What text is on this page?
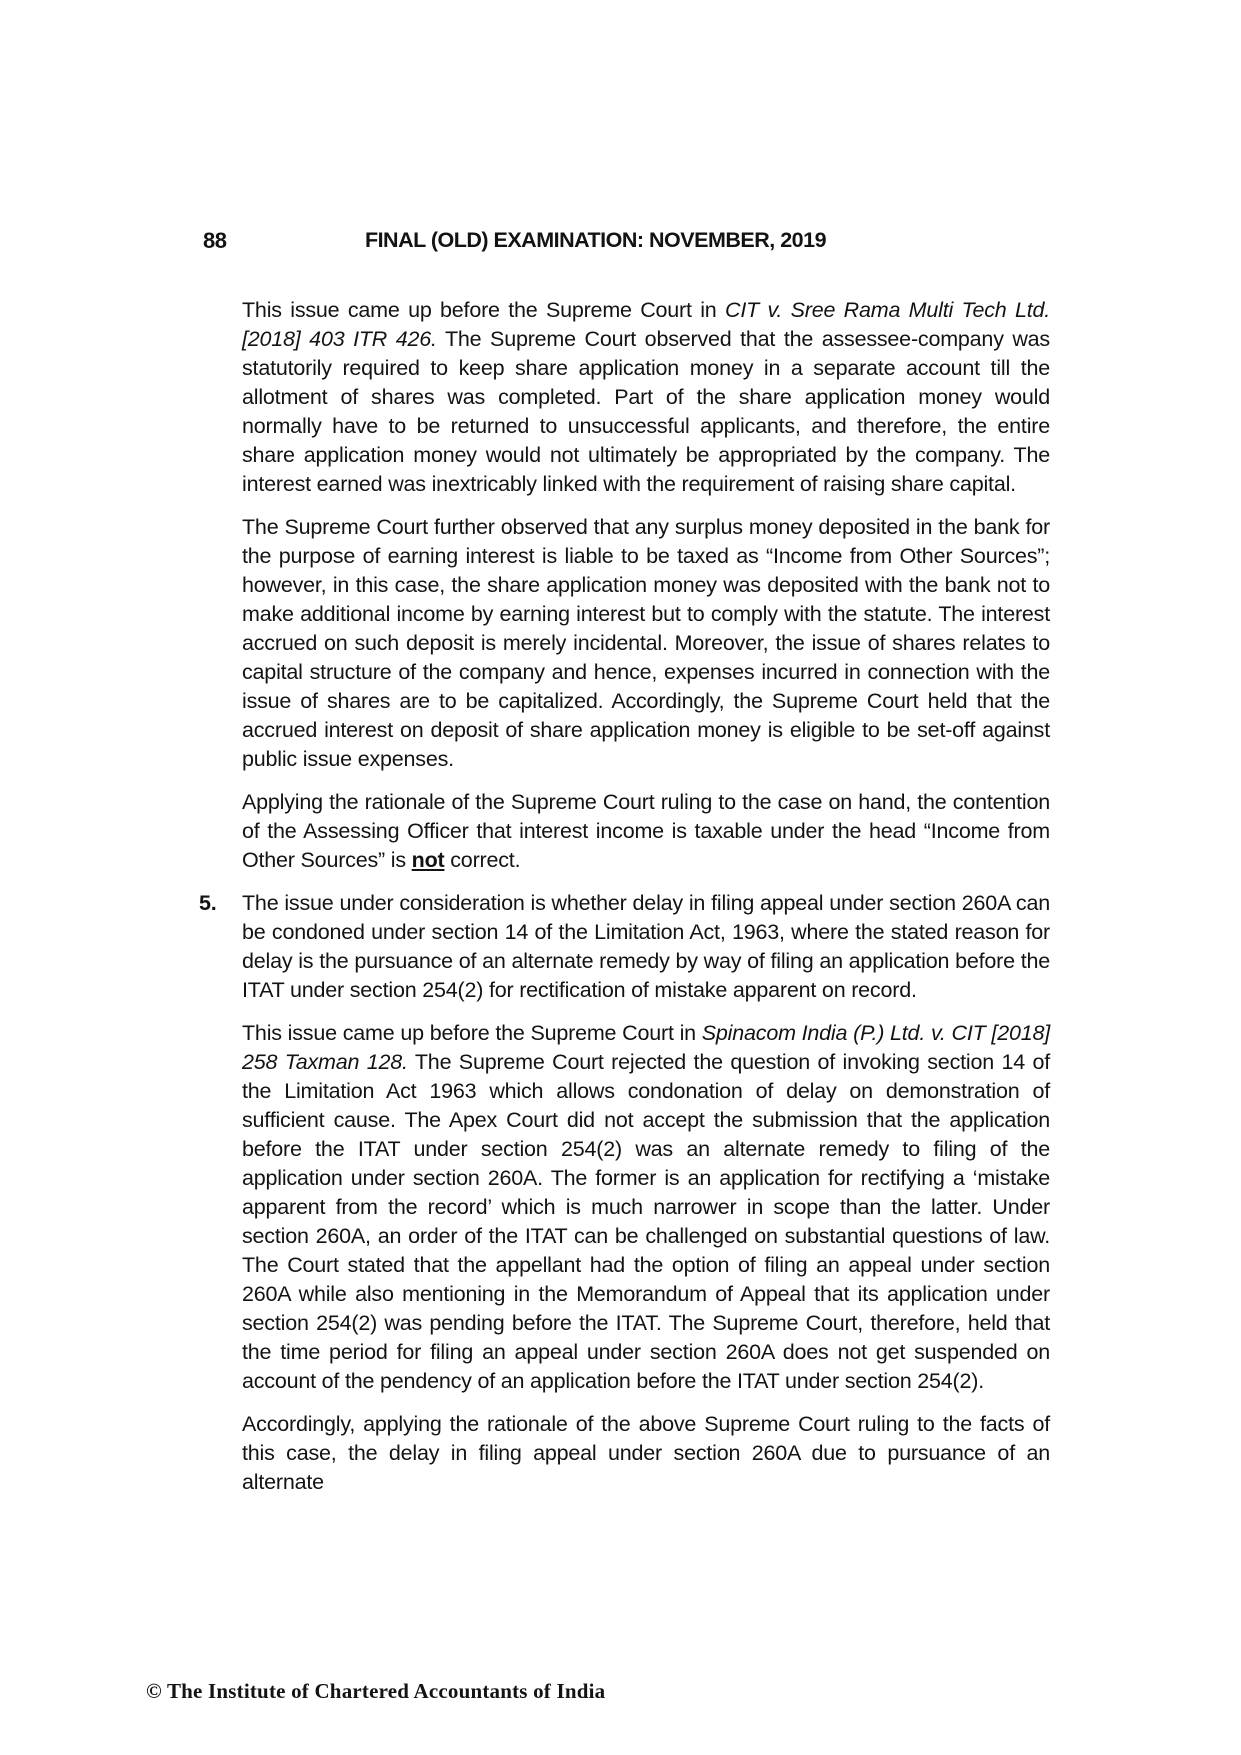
88	FINAL (OLD) EXAMINATION: NOVEMBER, 2019
This issue came up before the Supreme Court in CIT v. Sree Rama Multi Tech Ltd. [2018] 403 ITR 426. The Supreme Court observed that the assessee-company was statutorily required to keep share application money in a separate account till the allotment of shares was completed. Part of the share application money would normally have to be returned to unsuccessful applicants, and therefore, the entire share application money would not ultimately be appropriated by the company. The interest earned was inextricably linked with the requirement of raising share capital.
The Supreme Court further observed that any surplus money deposited in the bank for the purpose of earning interest is liable to be taxed as “Income from Other Sources”; however, in this case, the share application money was deposited with the bank not to make additional income by earning interest but to comply with the statute. The interest accrued on such deposit is merely incidental. Moreover, the issue of shares relates to capital structure of the company and hence, expenses incurred in connection with the issue of shares are to be capitalized. Accordingly, the Supreme Court held that the accrued interest on deposit of share application money is eligible to be set-off against public issue expenses.
Applying the rationale of the Supreme Court ruling to the case on hand, the contention of the Assessing Officer that interest income is taxable under the head “Income from Other Sources” is not correct.
5. The issue under consideration is whether delay in filing appeal under section 260A can be condoned under section 14 of the Limitation Act, 1963, where the stated reason for delay is the pursuance of an alternate remedy by way of filing an application before the ITAT under section 254(2) for rectification of mistake apparent on record.
This issue came up before the Supreme Court in Spinacom India (P.) Ltd. v. CIT [2018] 258 Taxman 128. The Supreme Court rejected the question of invoking section 14 of the Limitation Act 1963 which allows condonation of delay on demonstration of sufficient cause. The Apex Court did not accept the submission that the application before the ITAT under section 254(2) was an alternate remedy to filing of the application under section 260A. The former is an application for rectifying a ‘mistake apparent from the record’ which is much narrower in scope than the latter. Under section 260A, an order of the ITAT can be challenged on substantial questions of law. The Court stated that the appellant had the option of filing an appeal under section 260A while also mentioning in the Memorandum of Appeal that its application under section 254(2) was pending before the ITAT. The Supreme Court, therefore, held that the time period for filing an appeal under section 260A does not get suspended on account of the pendency of an application before the ITAT under section 254(2).
Accordingly, applying the rationale of the above Supreme Court ruling to the facts of this case, the delay in filing appeal under section 260A due to pursuance of an alternate
© The Institute of Chartered Accountants of India
